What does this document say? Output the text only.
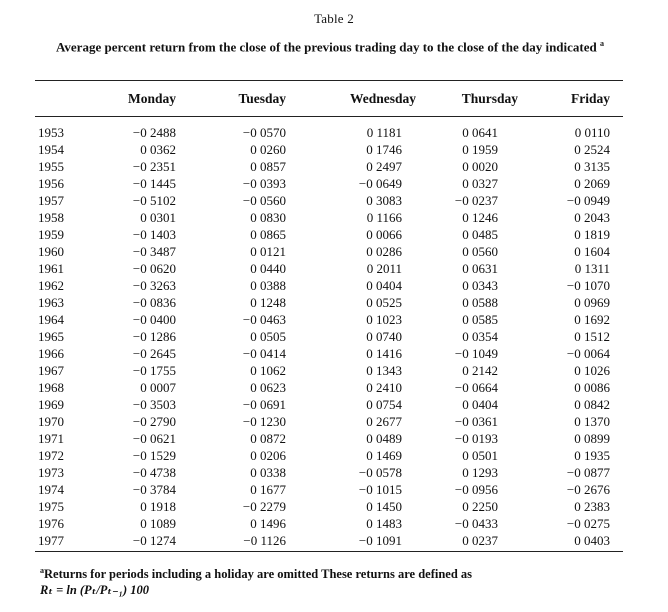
Table 2
Average percent return from the close of the previous trading day to the close of the day indicated $^a$
Monday	Tuesday	Wednesday	Thursday	Friday
1953	−0 2488	−0 0570	0 1181	0 0641	0 0110
1954	0 0362	0 0260	0 1746	0 1959	0 2524
1955	−0 2351	0 0857	0 2497	0 0020	0 3135
1956	−0 1445	−0 0393	−0 0649	0 0327	0 2069
1957	−0 5102	−0 0560	0 3083	−0 0237	−0 0949
1958	0 0301	0 0830	0 1166	0 1246	0 2043
1959	−0 1403	0 0865	0 0066	0 0485	0 1819
1960	−0 3487	0 0121	0 0286	0 0560	0 1604
1961	−0 0620	0 0440	0 2011	0 0631	0 1311
1962	−0 3263	0 0388	0 0404	0 0343	−0 1070
1963	−0 0836	0 1248	0 0525	0 0588	0 0969
1964	−0 0400	−0 0463	0 1023	0 0585	0 1692
1965	−0 1286	0 0505	0 0740	0 0354	0 1512
1966	−0 2645	−0 0414	0 1416	−0 1049	−0 0064
1967	−0 1755	0 1062	0 1343	0 2142	0 1026
1968	0 0007	0 0623	0 2410	−0 0664	0 0086
1969	−0 3503	−0 0691	0 0754	0 0404	0 0842
1970	−0 2790	−0 1230	0 2677	−0 0361	0 1370
1971	−0 0621	0 0872	0 0489	−0 0193	0 0899
1972	−0 1529	0 0206	0 1469	0 0501	0 1935
1973	−0 4738	0 0338	−0 0578	0 1293	−0 0877
1974	−0 3784	0 1677	−0 1015	−0 0956	−0 2676
1975	0 1918	−0 2279	0 1450	0 2250	0 2383
1976	0 1089	0 1496	0 1483	−0 0433	−0 0275
1977	−0 1274	−0 1126	−0 1091	0 0237	0 0403
$^a$Returns for periods including a holiday are omitted These returns are defined as
Rₜ = ln (Pₜ/Pₜ₋₁) 100
